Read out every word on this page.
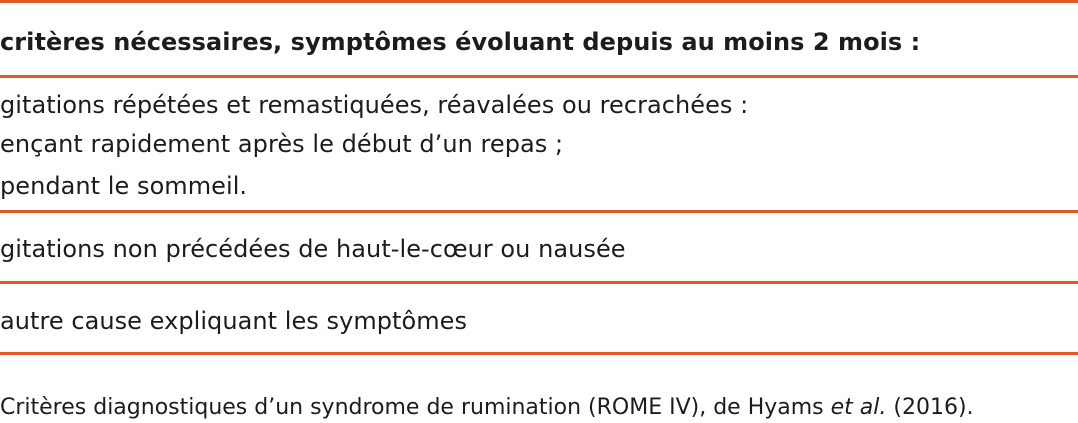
critères nécessaires, symptômes évoluant depuis au moins 2 mois :
gitations répétées et remastiquées, réavalées ou recrachées :
ençant rapidement après le début d’un repas ;
pendant le sommeil.
gitations non précédées de haut-le-cœur ou nausée
autre cause expliquant les symptômes
Critères diagnostiques d’un syndrome de rumination (ROME IV), de Hyams et al. (2016).
